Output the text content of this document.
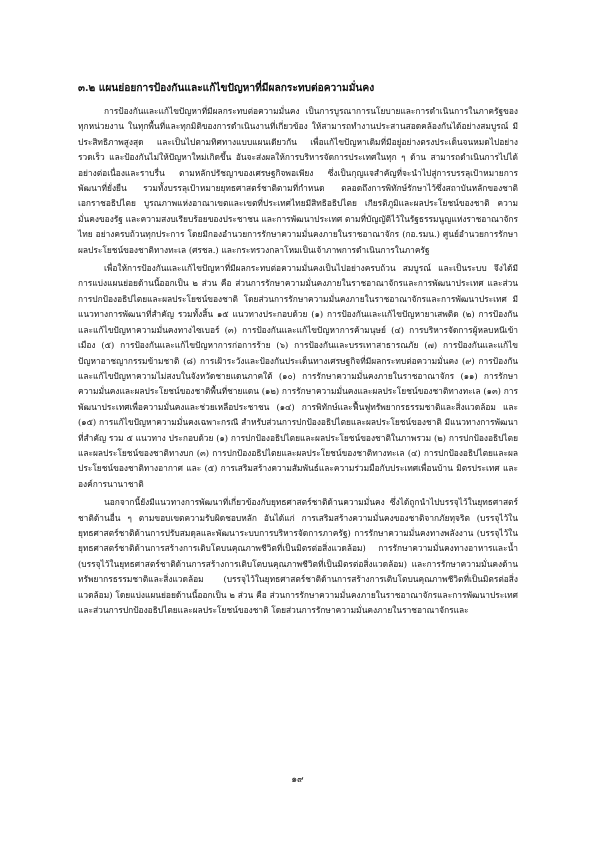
๓.๒ แผนย่อยการป้องกันและแก้ไขปัญหาที่มีผลกระทบต่อความมั่นคง

การป้องกันและแก้ไขปัญหาที่มีผลกระทบต่อความมั่นคง เป็นการบูรณาการนโยบายและการดำเนินการในภาครัฐของทุกหน่วยงาน ในทุกพื้นที่และทุกมิติของการดำเนินงานที่เกี่ยวข้อง ให้สามารถทำงานประสานสอดคล้องกันได้อย่างสมบูรณ์ มีประสิทธิภาพสูงสุด และเป็นไปตามทิศทางแบบแผนเดียวกัน เพื่อแก้ไขปัญหาเดิมที่มีอยู่อย่างตรงประเด็นจนหมดไปอย่างรวดเร็ว และป้องกันไม่ให้ปัญหาใหม่เกิดขึ้น อันจะส่งผลให้การบริหารจัดการประเทศในทุก ๆ ด้าน สามารถดำเนินการไปได้อย่างต่อเนื่องและราบรื่น ตามหลักปรัชญาของเศรษฐกิจพอเพียง ซึ่งเป็นกุญแจสำคัญที่จะนำไปสู่การบรรลุเป้าหมายการพัฒนาที่ยั่งยืน รวมทั้งบรรลุเป้าหมายยุทธศาสตร์ชาติตามที่กำหนด ตลอดถึงการพิทักษ์รักษาไว้ซึ่งสถาบันหลักของชาติ เอกราชอธิปไตย บูรณภาพแห่งอาณาเขตและเขตที่ประเทศไทยมีสิทธิอธิปไตย เกียรติภูมิและผลประโยชน์ของชาติ ความมั่นคงของรัฐ และความสงบเรียบร้อยของประชาชน และการพัฒนาประเทศ ตามที่บัญญัติไว้ในรัฐธรรมนูญแห่งราชอาณาจักรไทย อย่างครบถ้วนทุกประการ โดยมีกองอำนวยการรักษาความมั่นคงภายในราชอาณาจักร (กอ.รมน.) ศูนย์อำนวยการรักษาผลประโยชน์ของชาติทางทะเล (ศรชล.) และกระทรวงกลาโหมเป็นเจ้าภาพการดำเนินการในภาครัฐ

เพื่อให้การป้องกันและแก้ไขปัญหาที่มีผลกระทบต่อความมั่นคงเป็นไปอย่างครบถ้วน สมบูรณ์ และเป็นระบบ จึงได้มีการแบ่งแผนย่อยด้านนี้ออกเป็น ๒ ส่วน คือ ส่วนการรักษาความมั่นคงภายในราชอาณาจักรและการพัฒนาประเทศ และส่วนการปกป้องอธิปไตยและผลประโยชน์ของชาติ โดยส่วนการรักษาความมั่นคงภายในราชอาณาจักรและการพัฒนาประเทศ มีแนวทางการพัฒนาที่สำคัญ รวมทั้งสิ้น ๑๕ แนวทางประกอบด้วย (๑) การป้องกันและแก้ไขปัญหายาเสพติด (๒) การป้องกันและแก้ไขปัญหาความมั่นคงทางไซเบอร์ (๓) การป้องกันและแก้ไขปัญหาการค้ามนุษย์ (๔) การบริหารจัดการผู้หลบหนีเข้าเมือง (๕) การป้องกันและแก้ไขปัญหาการก่อการร้าย (๖) การป้องกันและบรรเทาสาธารณภัย (๗) การป้องกันและแก้ไขปัญหาอาชญากรรมข้ามชาติ (๘) การเฝ้าระวังและป้องกันประเด็นทางเศรษฐกิจที่มีผลกระทบต่อความมั่นคง (๙) การป้องกันและแก้ไขปัญหาความไม่สงบในจังหวัดชายแดนภาคใต้ (๑๐) การรักษาความมั่นคงภายในราชอาณาจักร (๑๑) การรักษาความมั่นคงและผลประโยชน์ของชาติพื้นที่ชายแดน (๑๒) การรักษาความมั่นคงและผลประโยชน์ของชาติทางทะเล (๑๓) การพัฒนาประเทศเพื่อความมั่นคงและช่วยเหลือประชาชน (๑๔) การพิทักษ์และฟื้นฟูทรัพยากรธรรมชาติและสิ่งแวดล้อม และ (๑๕) การแก้ไขปัญหาความมั่นคงเฉพาะกรณี สำหรับส่วนการปกป้องอธิปไตยและผลประโยชน์ของชาติ มีแนวทางการพัฒนาที่สำคัญ รวม ๕ แนวทาง ประกอบด้วย (๑) การปกป้องอธิปไตยและผลประโยชน์ของชาติในภาพรวม (๒) การปกป้องอธิปไตยและผลประโยชน์ของชาติทางบก (๓) การปกป้องอธิปไตยและผลประโยชน์ของชาติทางทะเล (๔) การปกป้องอธิปไตยและผลประโยชน์ของชาติทางอากาศ และ (๕) การเสริมสร้างความสัมพันธ์และความร่วมมือกับประเทศเพื่อนบ้าน มิตรประเทศ และองค์การนานาชาติ

นอกจากนี้ยังมีแนวทางการพัฒนาที่เกี่ยวข้องกับยุทธศาสตร์ชาติด้านความมั่นคง ซึ่งได้ถูกนำไปบรรจุไว้ในยุทธศาสตร์ชาติด้านอื่น ๆ ตามขอบเขตความรับผิดชอบหลัก อันได้แก่ การเสริมสร้างความมั่นคงของชาติจากภัยทุจริต (บรรจุไว้ในยุทธศาสตร์ชาติด้านการปรับสมดุลและพัฒนาระบบการบริหารจัดการภาครัฐ) การรักษาความมั่นคงทางพลังงาน (บรรจุไว้ในยุทธศาสตร์ชาติด้านการสร้างการเติบโตบนคุณภาพชีวิตที่เป็นมิตรต่อสิ่งแวดล้อม) การรักษาความมั่นคงทางอาหารและน้ำ (บรรจุไว้ในยุทธศาสตร์ชาติด้านการสร้างการเติบโตบนคุณภาพชีวิตที่เป็นมิตรต่อสิ่งแวดล้อม) และการรักษาความมั่นคงด้านทรัพยากรธรรมชาติและสิ่งแวดล้อม (บรรจุไว้ในยุทธศาสตร์ชาติด้านการสร้างการเติบโตบนคุณภาพชีวิตที่เป็นมิตรต่อสิ่งแวดล้อม) โดยแบ่งแผนย่อยด้านนี้ออกเป็น ๒ ส่วน คือ ส่วนการรักษาความมั่นคงภายในราชอาณาจักรและการพัฒนาประเทศ และส่วนการปกป้องอธิปไตยและผลประโยชน์ของชาติ โดยส่วนการรักษาความมั่นคงภายในราชอาณาจักรและ

๑๙
